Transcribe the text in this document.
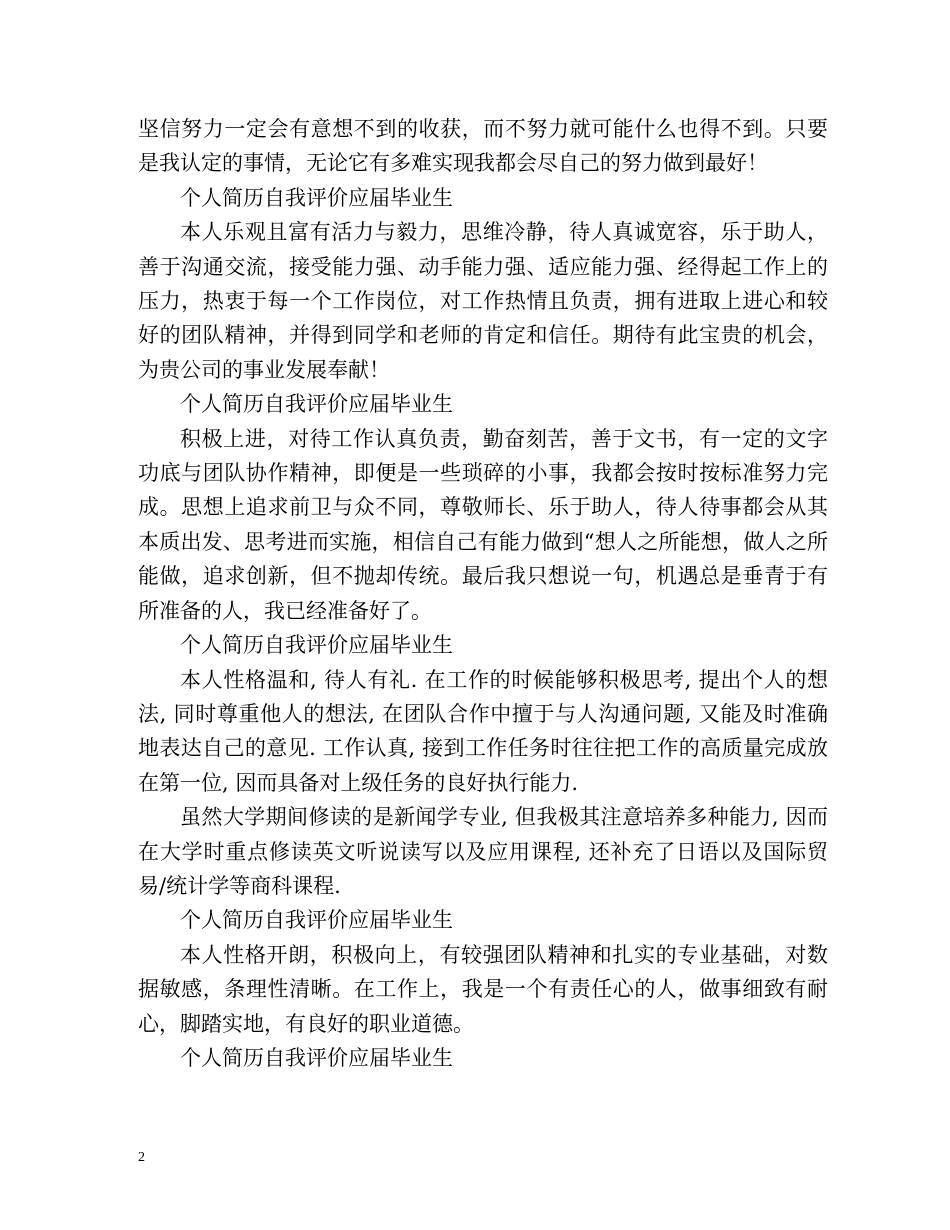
坚信努力一定会有意想不到的收获，而不努力就可能什么也得不到。只要是我认定的事情，无论它有多难实现我都会尽自己的努力做到最好！

个人简历自我评价应届毕业生

本人乐观且富有活力与毅力，思维冷静，待人真诚宽容，乐于助人，善于沟通交流，接受能力强、动手能力强、适应能力强、经得起工作上的压力，热衷于每一个工作岗位，对工作热情且负责，拥有进取上进心和较好的团队精神，并得到同学和老师的肯定和信任。期待有此宝贵的机会，为贵公司的事业发展奉献！

个人简历自我评价应届毕业生

积极上进，对待工作认真负责，勤奋刻苦，善于文书，有一定的文字功底与团队协作精神，即便是一些琐碎的小事，我都会按时按标准努力完成。思想上追求前卫与众不同，尊敬师长、乐于助人，待人待事都会从其本质出发、思考进而实施，相信自己有能力做到“想人之所能想，做人之所能做，追求创新，但不抛却传统。最后我只想说一句，机遇总是垂青于有所准备的人，我已经准备好了。

个人简历自我评价应届毕业生

本人性格温和, 待人有礼. 在工作的时候能够积极思考, 提出个人的想法, 同时尊重他人的想法, 在团队合作中擅于与人沟通问题, 又能及时准确地表达自己的意见. 工作认真, 接到工作任务时往往把工作的高质量完成放在第一位, 因而具备对上级任务的良好执行能力.

虽然大学期间修读的是新闻学专业, 但我极其注意培养多种能力, 因而在大学时重点修读英文听说读写以及应用课程, 还补充了日语以及国际贸易/统计学等商科课程.

个人简历自我评价应届毕业生

本人性格开朗，积极向上，有较强团队精神和扎实的专业基础，对数据敏感，条理性清晰。在工作上，我是一个有责任心的人，做事细致有耐心，脚踏实地，有良好的职业道德。

个人简历自我评价应届毕业生

2
